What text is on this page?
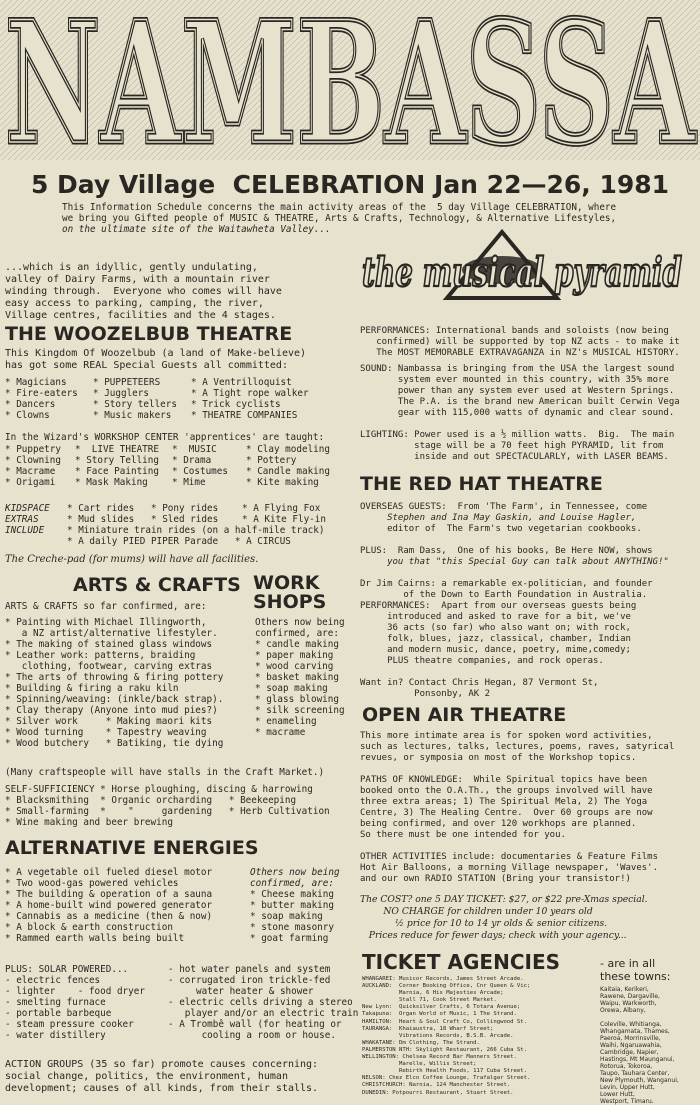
NAMBASSA
NAMBASSA
5 Day Village  CELEBRATION Jan 22—26, 1981
This Information Schedule concerns the main activity areas of the  5 day Village CELEBRATION, where
we bring you Gifted people of MUSIC & THEATRE, Arts & Crafts, Technology, & Alternative Lifestyles,
on the ultimate site of the Waitawheta Valley...
...which is an idyllic, gently undulating,
valley of Dairy Farms, with a mountain river
winding through.  Everyone who comes will have
easy access to parking, camping, the river,
Village centres, facilities and the 4 stages.
the musical pyramid
THE WOOZELBUB THEATRE
This Kingdom Of Woozelbub (a land of Make-believe)
has got some REAL Special Guests all committed:
* Magicians	* PUPPETEERS	* A Ventrilloquist
* Fire-eaters	* Jugglers	* A Tight rope walker
* Dancers	* Story tellers	* Trick cyclists
* Clowns	* Music makers	* THEATRE COMPANIES
In the Wizard's WORKSHOP CENTER 'apprentices' are taught:
* Puppetry	*  LIVE THEATRE	*  MUSIC	* Clay modeling
* Clowning	* Story Telling	* Drama	* Pottery
* Macrame	* Face Painting	* Costumes	* Candle making
* Origami	* Mask Making	* Mime	* Kite making
KIDSPACE
EXTRAS
INCLUDE
* Cart rides	* Pony rides	* A Flying Fox
* Mud slides	* Sled rides	* A Kite Fly-in
* Miniature train rides (on a half-mile track)
* A daily PIED PIPER Parade   * A CIRCUS
The Creche-pad (for mums) will have all facilities.
ARTS & CRAFTS WORK SHOPS
ARTS & CRAFTS so far confirmed, are:
* Painting with Michael Illingworth,
a NZ artist/alternative lifestyler.
* The making of stained glass windows
* Leather work: patterns, braiding
clothing, footwear, carving extras
* The arts of throwing & firing pottery
* Building & firing a raku kiln
* Spinning/weaving: (inkle/back strap).
* Clay therapy (Anyone into mud pies?)
* Silver work     * Making maori kits
* Wood turning    * Tapestry weaving
* Wood butchery   * Batiking, tie dying
Others now being
confirmed, are:
* candle making
* paper making
* wood carving
* basket making
* soap making
* glass blowing
* silk screening
* enameling
* macrame
(Many craftspeople will have stalls in the Craft Market.)
SELF-SUFFICIENCY * Horse ploughing, discing & harrowing
* Blacksmithing  * Organic orcharding   * Beekeeping
* Small-farming  *    "     gardening   * Herb Cultivation
* Wine making and beer brewing
ALTERNATIVE ENERGIES
* A vegetable oil fueled diesel motor
* Two wood-gas powered vehicles
* The building & operation of a sauna
* A home-built wind powered generator
* Cannabis as a medicine (then & now)
* A block & earth construction
* Rammed earth walls being built
Others now being
confirmed, are:
* Cheese making
* butter making
* soap making
* stone masonry
* goat farming
PLUS: SOLAR POWERED...
- electric fences
- lighter    - food dryer
- smelting furnace
- portable barbeque
- steam pressure cooker
- water distillery
- hot water panels and system
- corrugated iron trickle-fed
water heater & shower
- electric cells driving a stereo
player and/or an electric train
- A Trombê wall (for heating or
cooling a room or house.
ACTION GROUPS (35 so far) promote causes concerning:
social change, politics, the environment, human
development; causes of all kinds, from their stalls.
PERFORMANCES: International bands and soloists (now being
confirmed) will be supported by top NZ acts - to make it
The MOST MEMORABLE EXTRAVAGANZA in NZ's MUSICAL HISTORY.
SOUND: Nambassa is bringing from the USA the largest sound
system ever mounted in this country, with 35% more
power than any system ever used at Western Springs.
The P.A. is the brand new American built Cerwin Vega
gear with 115,000 watts of dynamic and clear sound.
LIGHTING: Power used is a ½ million watts.  Big.  The main
stage will be a 70 feet high PYRAMID, lit from
inside and out SPECTACULARLY, with LASER BEAMS.
THE RED HAT THEATRE
OVERSEAS GUESTS:  From 'The Farm', in Tennessee, come
Stephen and Ina May Gaskin, and Louise Hagler,
editor of  The Farm's two vegetarian cookbooks.

PLUS:  Ram Dass,  One of his books, Be Here NOW, shows
you that "this Special Guy can talk about ANYTHING!"

Dr Jim Cairns: a remarkable ex-politician, and founder
of the Down to Earth Foundation in Australia.
PERFORMANCES:  Apart from our overseas guests being
introduced and asked to rave for a bit, we've
36 acts (so far) who also want on; with rock,
folk, blues, jazz, classical, chamber, Indian
and modern music, dance, poetry, mime,comedy;
PLUS theatre companies, and rock operas.

Want in? Contact Chris Hegan, 87 Vermont St,
Ponsonby, AK 2
OPEN AIR THEATRE
This more intimate area is for spoken word activities,
such as lectures, talks, lectures, poems, raves, satyrical
revues, or symposia on most of the Workshop topics.

PATHS OF KNOWLEDGE:  While Spiritual topics have been
booked onto the O.A.Th., the groups involved will have
three extra areas; 1) The Spiritual Mela, 2) The Yoga
Centre, 3) The Healing Centre.  Over 60 groups are now
being confirmed, and over 120 workhops are planned.
So there must be one intended for you.

OTHER ACTIVITIES include: documentaries & Feature Films
Hot Air Balloons, a morning Village newspaper, 'Waves'.
and our own RADIO STATION (Bring your transistor!)
The COST? one 5 DAY TICKET: $27, or $22 pre-Xmas special.
NO CHARGE for children under 10 years old
½ price for 10 to 14 yr olds & senior citizens.
Prices reduce for fewer days; check with your agency...
TICKET AGENCIES	- are in all
these towns:
WHANGAREI: Musicor Records, James Street Arcade.
AUCKLAND:  Corner Booking Office, Cnr Queen & Vic;
Marnia, 6 His Majesties Arcade;
Stall 71, Cook Street Market.
New Lynn:  Quicksilver Crafts, 6 Totara Avenue;
Takapuna:  Organ World of Music, 1 The Strand.
HAMILTON:  Heart & Soul Craft Co, Collingwood St.
TAURANGA:  Khaiaustra, 18 Wharf Street;
Vibrations Records, B.S.B. Arcade.
WHAKATANE: Dm Clothing, The Strand.
PALMERSTON NTH: Skylight Restaurant, 266 Cuba St.
WELLINGTON: Chelsea Record Bar Manners Street.
Marelle, Willis Street;
Rebirth Health Foods, 117 Cuba Street.
NELSON: Chez Elco Coffee Lounge, Trafalgar Street.
CHRISTCHURCH: Narnia, 124 Manchester Street.
DUNEDIN: Potpourri Restaurant, Stuart Street.
Kaitaia, Kerikeri,
Rawene, Dargaville,
Waipu, Warkworth,
Orewa, Albany,

Coleville, Whitianga,
Whangamata, Thames,
Paeroa, Morrinsville,
Waihi, Ngaruawahia,
Cambridge, Napier,
Hastings, Mt Maunganui,
Rotorua, Tokoroa,
Taupo, Tauhara Center,
New Plymouth, Wanganui,
Levin, Upper Hutt,
Lower Hutt,
Westport, Timaru.
